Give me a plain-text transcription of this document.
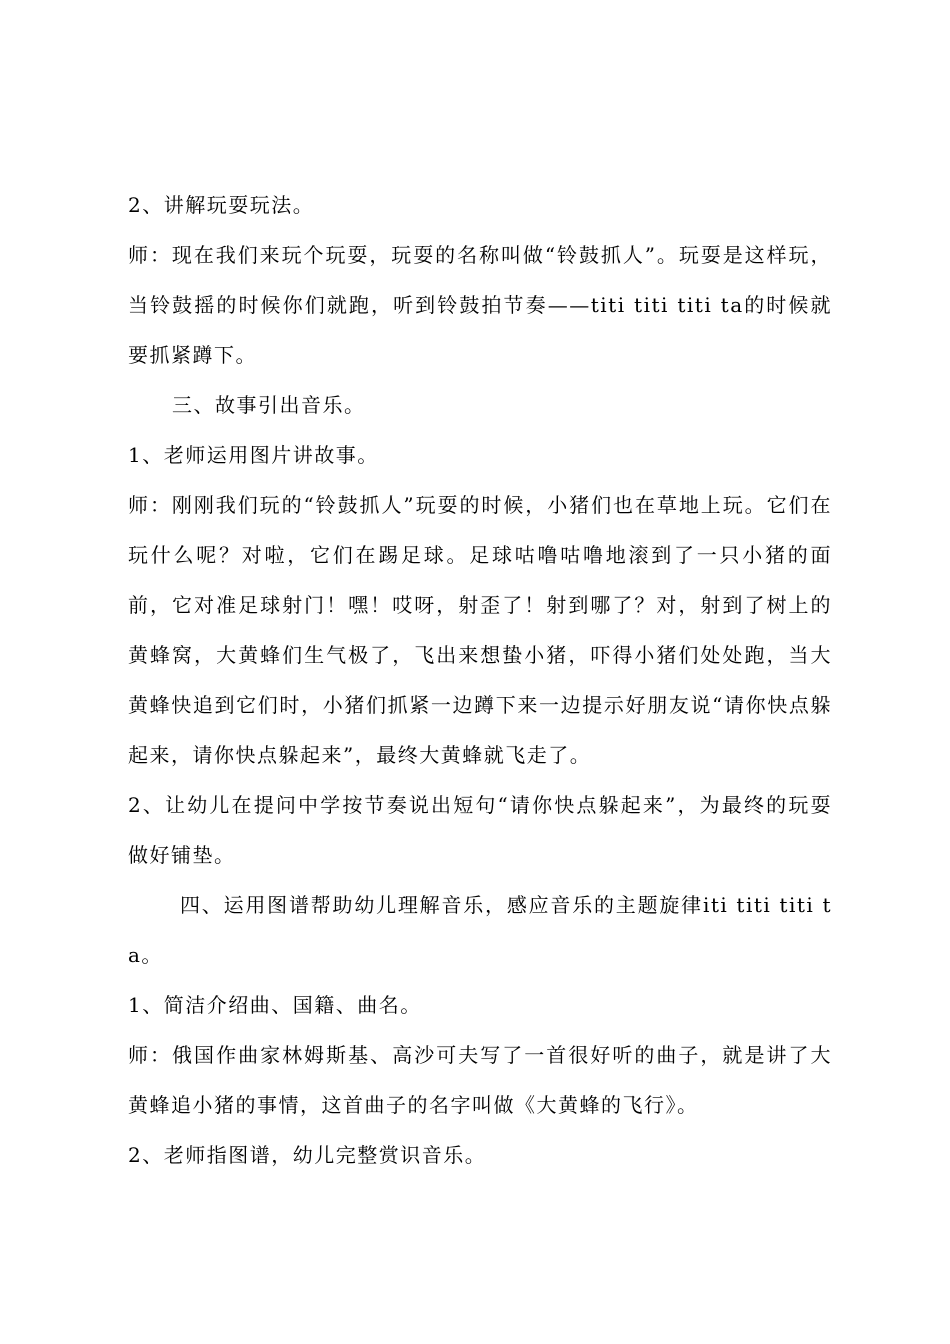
2、讲解玩耍玩法。

师：现在我们来玩个玩耍，玩耍的名称叫做“铃鼓抓人”。玩耍是这样玩，当铃鼓摇的时候你们就跑，听到铃鼓拍节奏——titi titi titi ta的时候就要抓紧蹲下。

三、故事引出音乐。

1、老师运用图片讲故事。

师：刚刚我们玩的“铃鼓抓人”玩耍的时候，小猪们也在草地上玩。它们在玩什么呢？对啦，它们在踢足球。足球咕噜咕噜地滚到了一只小猪的面前，它对准足球射门！嘿！哎呀，射歪了！射到哪了？对，射到了树上的黄蜂窝，大黄蜂们生气极了，飞出来想蛰小猪，吓得小猪们处处跑，当大黄蜂快追到它们时，小猪们抓紧一边蹲下来一边提示好朋友说“请你快点躲起来，请你快点躲起来”，最终大黄蜂就飞走了。

2、让幼儿在提问中学按节奏说出短句“请你快点躲起来”，为最终的玩耍做好铺垫。

四、运用图谱帮助幼儿理解音乐，感应音乐的主题旋律iti titi titi ta。

1、简洁介绍曲、国籍、曲名。

师：俄国作曲家林姆斯基、高沙可夫写了一首很好听的曲子，就是讲了大黄蜂追小猪的事情，这首曲子的名字叫做《大黄蜂的飞行》。

2、老师指图谱，幼儿完整赏识音乐。
